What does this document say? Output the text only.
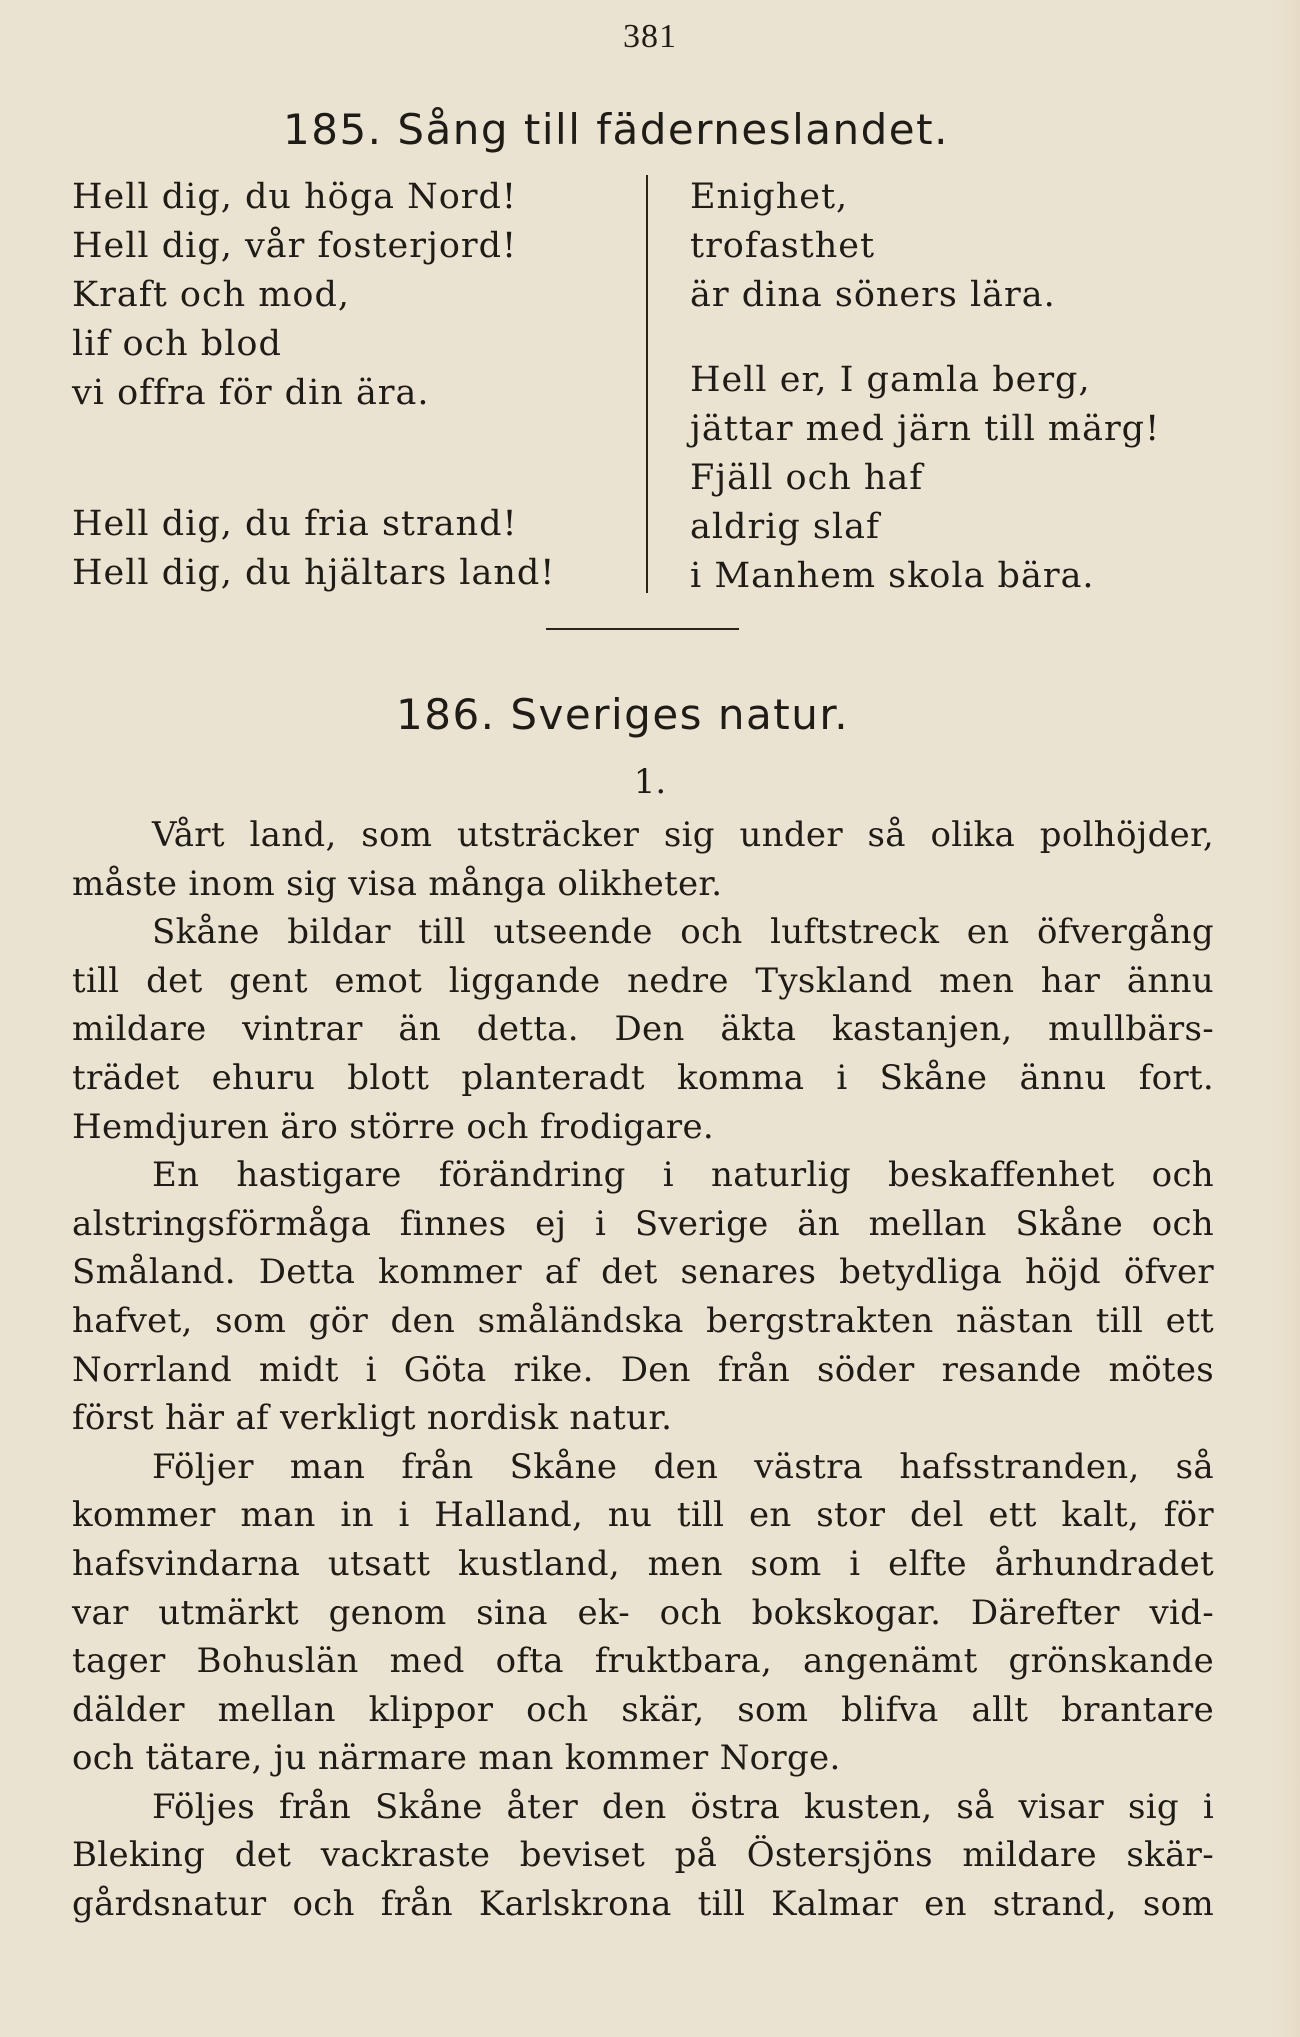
381
185. Sång till fäderneslandet.
Hell dig, du höga Nord!
Hell dig, vår fosterjord!
Kraft och mod,
lif och blod
vi offra för din ära.
Hell dig, du fria strand!
Hell dig, du hjältars land!
Enighet,
trofasthet
är dina söners lära.
Hell er, I gamla berg,
jättar med järn till märg!
Fjäll och haf
aldrig slaf
i Manhem skola bära.
186. Sveriges natur.
1.
Vårt land, som utsträcker sig under så olika polhöjder,
måste inom sig visa många olikheter.
Skåne bildar till utseende och luftstreck en öfvergång
till det gent emot liggande nedre Tyskland men har ännu
mildare vintrar än detta. Den äkta kastanjen, mullbärs-
trädet ehuru blott planteradt komma i Skåne ännu fort.
Hemdjuren äro större och frodigare.
En hastigare förändring i naturlig beskaffenhet och
alstringsförmåga finnes ej i Sverige än mellan Skåne och
Småland. Detta kommer af det senares betydliga höjd öfver
hafvet, som gör den småländska bergstrakten nästan till ett
Norrland midt i Göta rike. Den från söder resande mötes
först här af verkligt nordisk natur.
Följer man från Skåne den västra hafsstranden, så
kommer man in i Halland, nu till en stor del ett kalt, för
hafsvindarna utsatt kustland, men som i elfte århundradet
var utmärkt genom sina ek- och bokskogar. Därefter vid-
tager Bohuslän med ofta fruktbara, angenämt grönskande
dälder mellan klippor och skär, som blifva allt brantare
och tätare, ju närmare man kommer Norge.
Följes från Skåne åter den östra kusten, så visar sig i
Bleking det vackraste beviset på Östersjöns mildare skär-
gårdsnatur och från Karlskrona till Kalmar en strand, som
